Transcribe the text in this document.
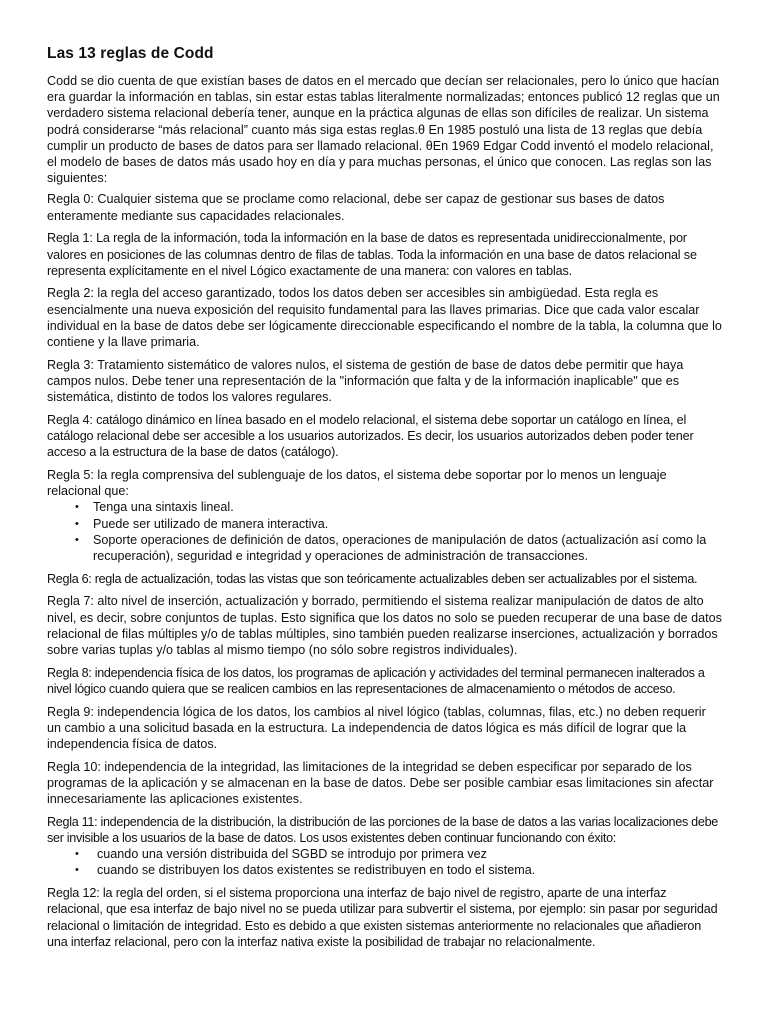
Las 13 reglas de Codd

Codd se dio cuenta de que existían bases de datos en el mercado que decían ser relacionales, pero lo único que hacían era guardar la información en tablas, sin estar estas tablas literalmente normalizadas; entonces publicó 12 reglas que un verdadero sistema relacional debería tener, aunque en la práctica algunas de ellas son difíciles de realizar. Un sistema podrá considerarse “más relacional” cuanto más siga estas reglas.θ En 1985 postuló una lista de 13 reglas que debía cumplir un producto de bases de datos para ser llamado relacional. θEn 1969 Edgar Codd inventó el modelo relacional, el modelo de bases de datos más usado hoy en día y para muchas personas, el único que conocen. Las reglas son las siguientes:

Regla 0: Cualquier sistema que se proclame como relacional, debe ser capaz de gestionar sus bases de datos enteramente mediante sus capacidades relacionales.

Regla 1: La regla de la información, toda la información en la base de datos es representada unidireccionalmente, por valores en posiciones de las columnas dentro de filas de tablas. Toda la información en una base de datos relacional se representa explícitamente en el nivel Lógico exactamente de una manera: con valores en tablas.

Regla 2: la regla del acceso garantizado, todos los datos deben ser accesibles sin ambigüedad. Esta regla es esencialmente una nueva exposición del requisito fundamental para las llaves primarias. Dice que cada valor escalar individual en la base de datos debe ser lógicamente direccionable especificando el nombre de la tabla, la columna que lo contiene y la llave primaria.

Regla 3: Tratamiento sistemático de valores nulos, el sistema de gestión de base de datos debe permitir que haya campos nulos. Debe tener una representación de la "información que falta y de la información inaplicable" que es sistemática, distinto de todos los valores regulares.

Regla 4: catálogo dinámico en línea basado en el modelo relacional, el sistema debe soportar un catálogo en línea, el catálogo relacional debe ser accesible a los usuarios autorizados. Es decir, los usuarios autorizados deben poder tener acceso a la estructura de la base de datos (catálogo).

Regla 5: la regla comprensiva del sublenguaje de los datos, el sistema debe soportar por lo menos un lenguaje relacional que:

• Tenga una sintaxis lineal.
• Puede ser utilizado de manera interactiva.
• Soporte operaciones de definición de datos, operaciones de manipulación de datos (actualización así como la recuperación), seguridad e integridad y operaciones de administración de transacciones.

Regla 6: regla de actualización, todas las vistas que son teóricamente actualizables deben ser actualizables por el sistema.

Regla 7: alto nivel de inserción, actualización y borrado, permitiendo el sistema realizar manipulación de datos de alto nivel, es decir, sobre conjuntos de tuplas. Esto significa que los datos no solo se pueden recuperar de una base de datos relacional de filas múltiples y/o de tablas múltiples, sino también pueden realizarse inserciones, actualización y borrados sobre varias tuplas y/o tablas al mismo tiempo (no sólo sobre registros individuales).

Regla 8: independencia física de los datos, los programas de aplicación y actividades del terminal permanecen inalterados a nivel lógico cuando quiera que se realicen cambios en las representaciones de almacenamiento o métodos de acceso.

Regla 9: independencia lógica de los datos, los cambios al nivel lógico (tablas, columnas, filas, etc.) no deben requerir un cambio a una solicitud basada en la estructura. La independencia de datos lógica es más difícil de lograr que la independencia física de datos.

Regla 10: independencia de la integridad, las limitaciones de la integridad se deben especificar por separado de los programas de la aplicación y se almacenan en la base de datos. Debe ser posible cambiar esas limitaciones sin afectar innecesariamente las aplicaciones existentes.

Regla 11: independencia de la distribución, la distribución de las porciones de la base de datos a las varias localizaciones debe ser invisible a los usuarios de la base de datos. Los usos existentes deben continuar funcionando con éxito:

• cuando una versión distribuida del SGBD se introdujo por primera vez
• cuando se distribuyen los datos existentes se redistribuyen en todo el sistema.

Regla 12: la regla del orden, si el sistema proporciona una interfaz de bajo nivel de registro, aparte de una interfaz relacional, que esa interfaz de bajo nivel no se pueda utilizar para subvertir el sistema, por ejemplo: sin pasar por seguridad relacional o limitación de integridad. Esto es debido a que existen sistemas anteriormente no relacionales que añadieron una interfaz relacional, pero con la interfaz nativa existe la posibilidad de trabajar no relacionalmente.
